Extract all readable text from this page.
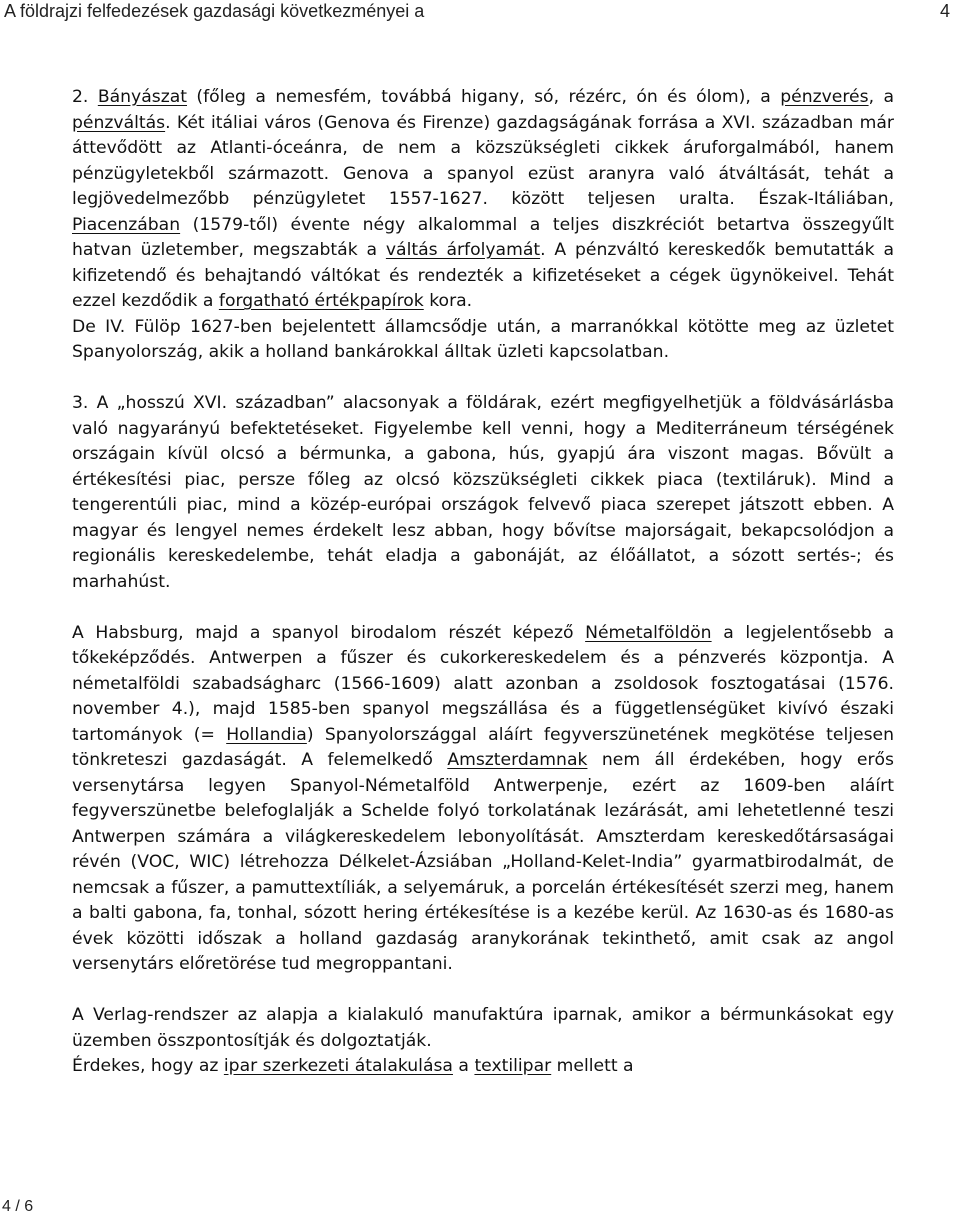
A földrajzi felfedezések gazdasági következményei a	4

2. Bányászat (főleg a nemesfém, továbbá higany, só, rézérc, ón és ólom), a pénzverés, a pénzváltás. Két itáliai város (Genova és Firenze) gazdagságának forrása a XVI. században már áttevődött az Atlanti-óceánra, de nem a közszükségleti cikkek áruforgalmából, hanem pénzügyletekből származott. Genova a spanyol ezüst aranyra való átváltását, tehát a legjövedelmezőbb pénzügyletet 1557-1627. között teljesen uralta. Észak-Itáliában, Piacenzában (1579-től) évente négy alkalommal a teljes diszkréciót betartva összegyűlt hatvan üzletember, megszabták a váltás árfolyamát. A pénzváltó kereskedők bemutatták a kifizetendő és behajtandó váltókat és rendezték a kifizetéseket a cégek ügynökeivel. Tehát ezzel kezdődik a forgatható értékpapírok kora.

De IV. Fülöp 1627-ben bejelentett államcsődje után, a marranókkal kötötte meg az üzletet Spanyolország, akik a holland bankárokkal álltak üzleti kapcsolatban.

3. A „hosszú XVI. században” alacsonyak a földárak, ezért megfigyelhetjük a földvásárlásba való nagyarányú befektetéseket. Figyelembe kell venni, hogy a Mediterráneum térségének országain kívül olcsó a bérmunka, a gabona, hús, gyapjú ára viszont magas. Bővült a értékesítési piac, persze főleg az olcsó közszükségleti cikkek piaca (textiláruk). Mind a tengerentúli piac, mind a közép-európai országok felvevő piaca szerepet játszott ebben. A magyar és lengyel nemes érdekelt lesz abban, hogy bővítse majorságait, bekapcsolódjon a regionális kereskedelembe, tehát eladja a gabonáját, az élőállatot, a sózott sertés-; és marhahúst.

A Habsburg, majd a spanyol birodalom részét képező Németalföldön a legjelentősebb a tőkeképződés. Antwerpen a fűszer és cukorkereskedelem és a pénzverés központja. A németalföldi szabadságharc (1566-1609) alatt azonban a zsoldosok fosztogatásai (1576. november 4.), majd 1585-ben spanyol megszállása és a függetlenségüket kivívó északi tartományok (= Hollandia) Spanyolországgal aláírt fegyverszünetének megkötése teljesen tönkreteszi gazdaságát. A felemelkedő Amszterdamnak nem áll érdekében, hogy erős versenytársa legyen Spanyol-Németalföld Antwerpenje, ezért az 1609-ben aláírt fegyverszünetbe belefoglalják a Schelde folyó torkolatának lezárását, ami lehetetlenné teszi Antwerpen számára a világkereskedelem lebonyolítását. Amszterdam kereskedőtársaságai révén (VOC, WIC) létrehozza Délkelet-Ázsiában „Holland-Kelet-India” gyarmatbirodalmát, de nemcsak a fűszer, a pamuttextíliák, a selyemáruk, a porcelán értékesítését szerzi meg, hanem a balti gabona, fa, tonhal, sózott hering értékesítése is a kezébe kerül. Az 1630-as és 1680-as évek közötti időszak a holland gazdaság aranykorának tekinthető, amit csak az angol versenytárs előretörése tud megroppantani.

A Verlag-rendszer az alapja a kialakuló manufaktúra iparnak, amikor a bérmunkásokat egy üzemben összpontosítják és dolgoztatják.

Érdekes, hogy az ipar szerkezeti átalakulása a textilipar mellett a

4 / 6
